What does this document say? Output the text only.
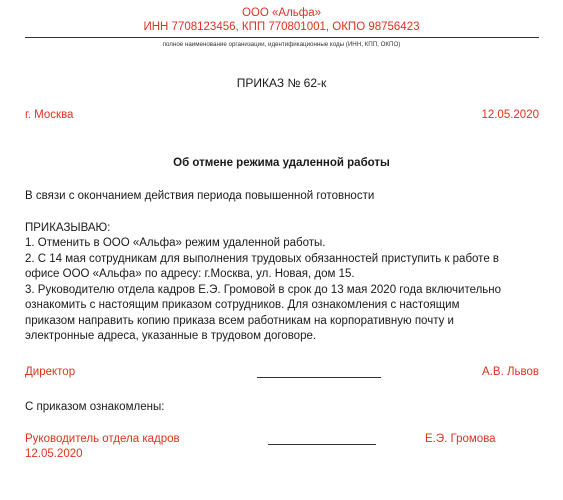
ООО «Альфа»
ИНН 7708123456, КПП 770801001, ОКПО 98756423
полное наименование организации, идентификационные коды (ИНН, КПП, ОКПО)
ПРИКАЗ № 62-к
г. Москва	12.05.2020
Об отмене режима удаленной работы
В связи с окончанием действия периода повышенной готовности
ПРИКАЗЫВАЮ:
1. Отменить в ООО «Альфа» режим удаленной работы.
2. С 14 мая сотрудникам для выполнения трудовых обязанностей приступить к работе в
офисе ООО «Альфа» по адресу: г.Москва, ул. Новая, дом 15.
3. Руководителю отдела кадров Е.Э. Громовой в срок до 13 мая 2020 года включительно
ознакомить с настоящим приказом сотрудников. Для ознакомления с настоящим
приказом направить копию приказа всем работникам на корпоративную почту и
электронные адреса, указанные в трудовом договоре.
Директор	А.В. Львов
С приказом ознакомлены:
Руководитель отдела кадров	Е.Э. Громова
12.05.2020
